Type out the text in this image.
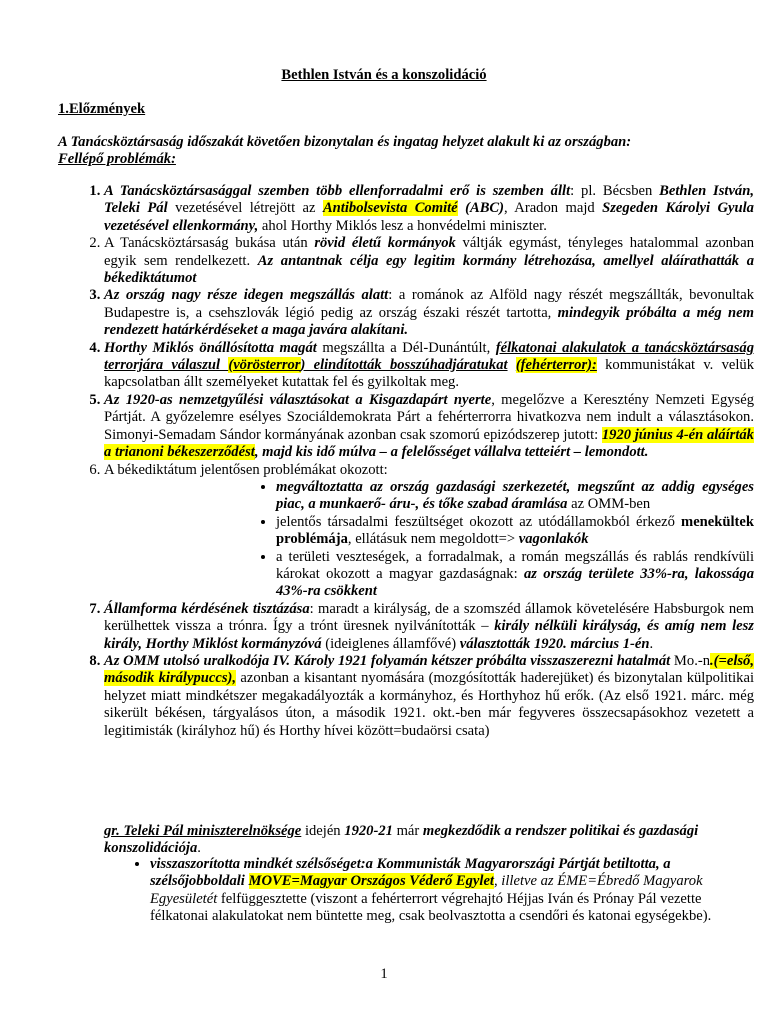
Bethlen István és a konszolidáció
1.Előzmények
A Tanácsköztársaság időszakát követően bizonytalan és ingatag helyzet alakult ki az országban:
Fellépő problémák:
1. A Tanácsköztársasággal szemben több ellenforradalmi erő is szemben állt: pl. Bécsben Bethlen István, Teleki Pál vezetésével létrejött az Antibolsevista Comité (ABC), Aradon majd Szegeden Károlyi Gyula vezetésével ellenkormány, ahol Horthy Miklós lesz a honvédelmi miniszter.
2. A Tanácsköztársaság bukása után rövid életű kormányok váltják egymást, tényleges hatalommal azonban egyik sem rendelkezett. Az antantnak célja egy legitim kormány létrehozása, amellyel aláírathatták a békediktátumot
3. Az ország nagy része idegen megszállás alatt: a románok az Alföld nagy részét megszállták, bevonultak Budapestre is, a csehszlovák légió pedig az ország északi részét tartotta, mindegyik próbálta a még nem rendezett határkérdéseket a maga javára alakítani.
4. Horthy Miklós önállósította magát megszállta a Dél-Dunántúlt, félkatonai alakulatok a tanácsköztársaság terrorjára válaszul (vörösterror) elindították bosszúhadjáratukat (fehérterror): kommunistákat v. velük kapcsolatban állt személyeket kutattak fel és gyilkoltak meg.
5. Az 1920-as nemzetgyűlési választásokat a Kisgazdapárt nyerte, megelőzve a Keresztény Nemzeti Egység Pártját. A győzelemre esélyes Szociáldemokrata Párt a fehérterrorra hivatkozva nem indult a választásokon. Simonyi-Semadam Sándor kormányának azonban csak szomorú epizódszerep jutott: 1920 június 4-én aláírták a trianoni békeszerződést, majd kis idő múlva – a felelősséget vállalva tetteiért – lemondott.
6. A békediktátum jelentősen problémákat okozott:
• megváltoztatta az ország gazdasági szerkezetét, megszűnt az addig egységes piac, a munkaerő- áru-, és tőke szabad áramlása az OMM-ben
• jelentős társadalmi feszültséget okozott az utódállamokból érkező menekültek problémája, ellátásuk nem megoldott=> vagonlakók
• a területi veszteségek, a forradalmak, a román megszállás és rablás rendkívüli károkat okozott a magyar gazdaságnak: az ország területe 33%-ra, lakossága 43%-ra csökkent
7. Államforma kérdésének tisztázása: maradt a királyság, de a szomszéd államok követelésére Habsburgok nem kerülhettek vissza a trónra. Így a trónt üresnek nyilvánították – király nélküli királyság, és amíg nem lesz király, Horthy Miklóst kormányzóvá (ideiglenes államfővé) választották 1920. március 1-én.
8. Az OMM utolsó uralkodója IV. Károly 1921 folyamán kétszer próbálta visszaszerezni hatalmát Mo.-n.(=első, második királypuccs), azonban a kisantant nyomására (mozgósították haderejüket) és bizonytalan külpolitikai helyzet miatt mindkétszer megakadályozták a kormányhoz, és Horthyhoz hű erők. (Az első 1921. márc. még sikerült békésen, tárgyalásos úton, a második 1921. okt.-ben már fegyveres összecsapásokhoz vezetett a legitimisták (királyhoz hű) és Horthy hívei között=budaörsi csata)
gr. Teleki Pál miniszterelnöksége idején 1920-21 már megkezdődik a rendszer politikai és gazdasági konszolidációja.
• visszaszorította mindkét szélsőséget:a Kommunisták Magyarországi Pártját betiltotta, a szélsőjobboldali MOVE=Magyar Országos Véderő Egylet, illetve az ÉME=Ébredő Magyarok Egyesületét felfüggesztette (viszont a fehérterrort végrehajtó Héjjas Iván és Prónay Pál vezette félkatonai alakulatokat nem büntette meg, csak beolvasztotta a csendőri és katonai egységekbe).
1
